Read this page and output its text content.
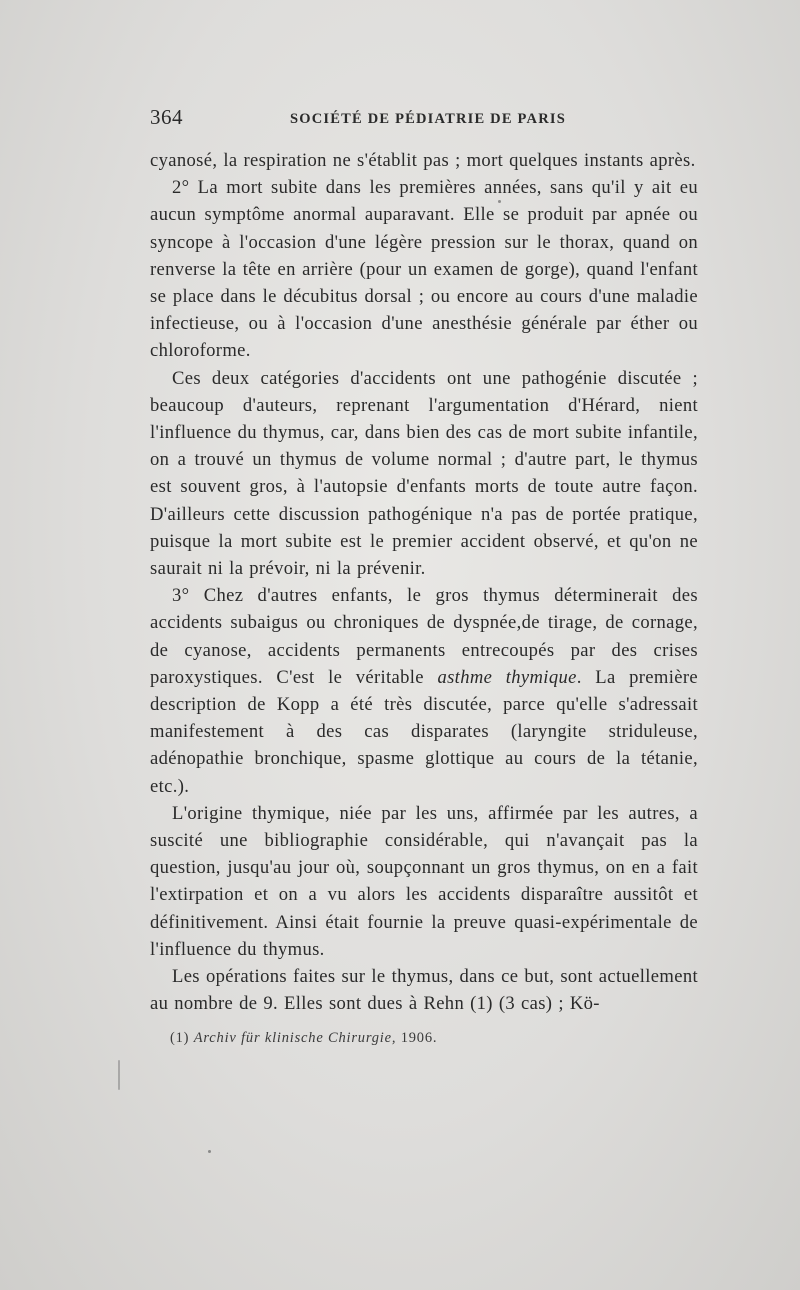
364	SOCIÉTÉ DE PÉDIATRIE DE PARIS

cyanosé, la respiration ne s'établit pas ; mort quelques instants après.

2° La mort subite dans les premières années, sans qu'il y ait eu aucun symptôme anormal auparavant. Elle se produit par apnée ou syncope à l'occasion d'une légère pression sur le thorax, quand on renverse la tête en arrière (pour un examen de gorge), quand l'enfant se place dans le décubitus dorsal ; ou encore au cours d'une maladie infectieuse, ou à l'occasion d'une anesthésie générale par éther ou chloroforme.

Ces deux catégories d'accidents ont une pathogénie discutée ; beaucoup d'auteurs, reprenant l'argumentation d'Hérard, nient l'influence du thymus, car, dans bien des cas de mort subite infantile, on a trouvé un thymus de volume normal ; d'autre part, le thymus est souvent gros, à l'autopsie d'enfants morts de toute autre façon. D'ailleurs cette discussion pathogénique n'a pas de portée pratique, puisque la mort subite est le premier accident observé, et qu'on ne saurait ni la prévoir, ni la prévenir.

3° Chez d'autres enfants, le gros thymus déterminerait des accidents subaigus ou chroniques de dyspnée,de tirage, de cornage, de cyanose, accidents permanents entrecoupés par des crises paroxystiques. C'est le véritable asthme thymique. La première description de Kopp a été très discutée, parce qu'elle s'adressait manifestement à des cas disparates (laryngite striduleuse, adénopathie bronchique, spasme glottique au cours de la tétanie, etc.).

L'origine thymique, niée par les uns, affirmée par les autres, a suscité une bibliographie considérable, qui n'avançait pas la question, jusqu'au jour où, soupçonnant un gros thymus, on en a fait l'extirpation et on a vu alors les accidents disparaître aussitôt et définitivement. Ainsi était fournie la preuve quasi-expérimentale de l'influence du thymus.

Les opérations faites sur le thymus, dans ce but, sont actuellement au nombre de 9. Elles sont dues à Rehn (1) (3 cas) ; Kö-

(1) Archiv für klinische Chirurgie, 1906.
